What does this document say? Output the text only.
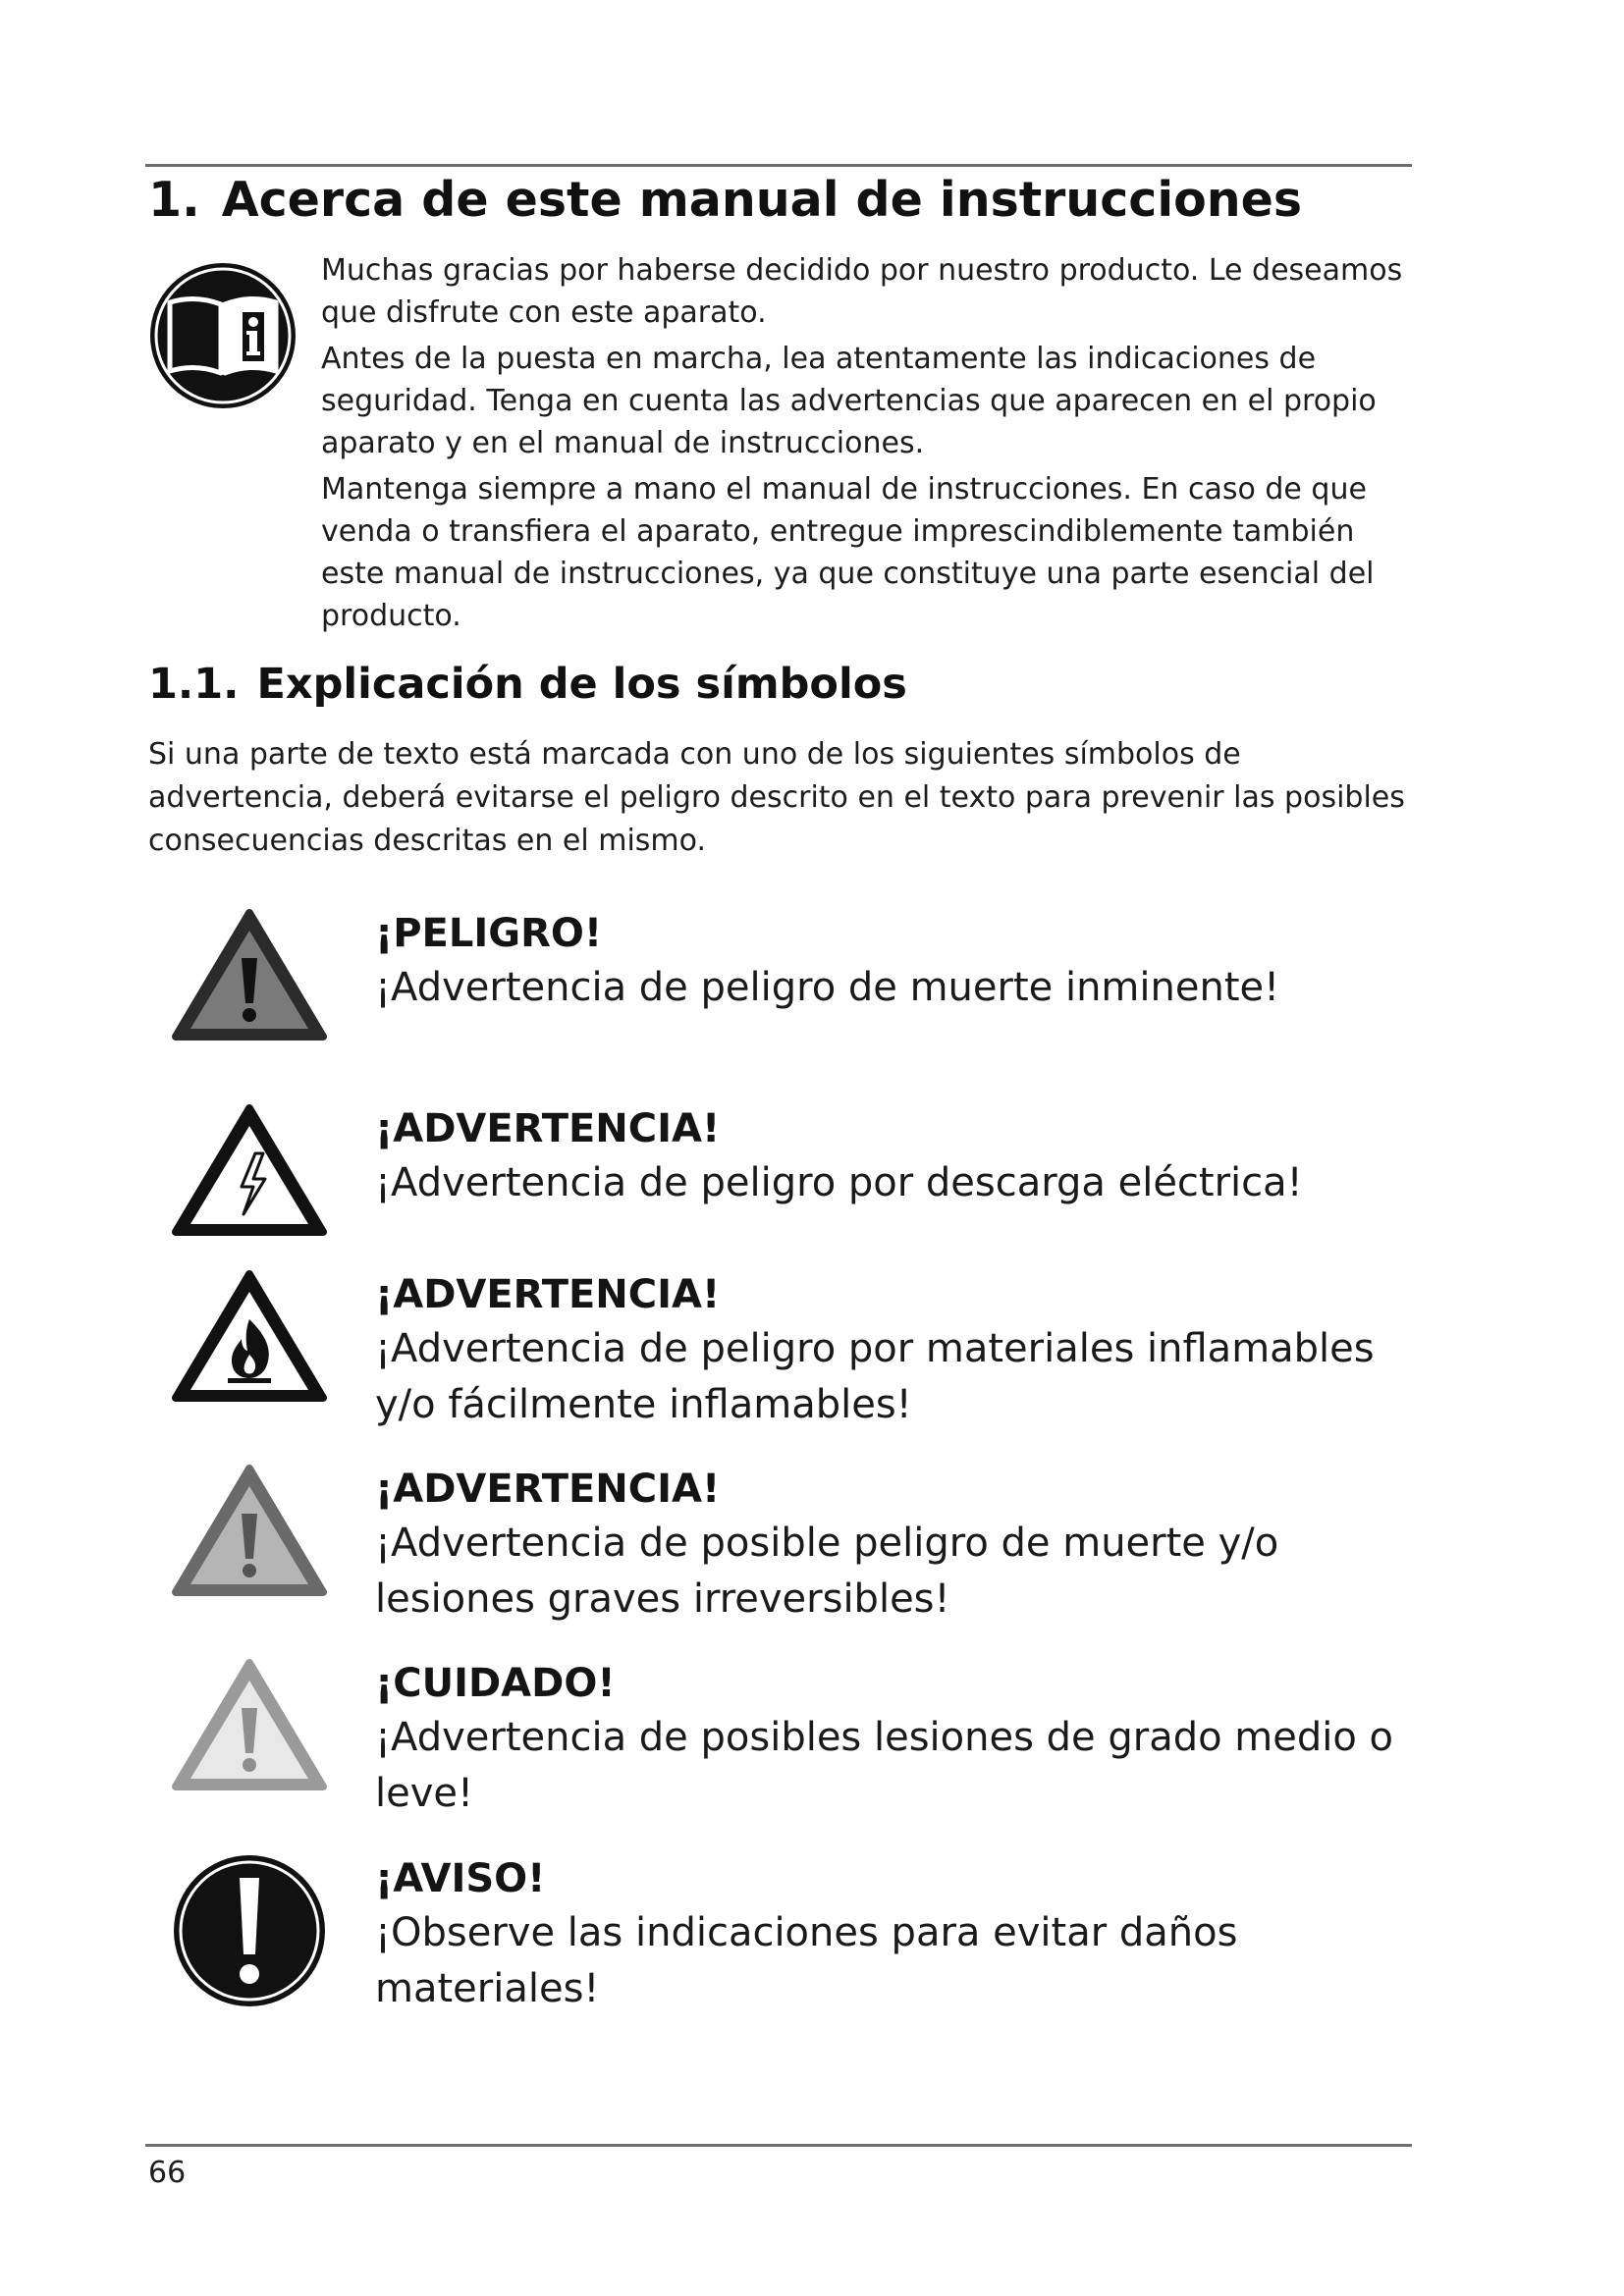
1. Acerca de este manual de instrucciones

Muchas gracias por haberse decidido por nuestro producto. Le deseamos que disfrute con este aparato.

Antes de la puesta en marcha, lea atentamente las indicaciones de seguridad. Tenga en cuenta las advertencias que aparecen en el propio aparato y en el manual de instrucciones.

Mantenga siempre a mano el manual de instrucciones. En caso de que venda o transfiera el aparato, entregue imprescindiblemente también este manual de instrucciones, ya que constituye una parte esencial del producto.

1.1. Explicación de los símbolos

Si una parte de texto está marcada con uno de los siguientes símbolos de advertencia, deberá evitarse el peligro descrito en el texto para prevenir las posibles consecuencias descritas en el mismo.

¡PELIGRO!

¡Advertencia de peligro de muerte inminente!

¡ADVERTENCIA!

¡Advertencia de peligro por descarga eléctrica!

¡ADVERTENCIA!

¡Advertencia de peligro por materiales inflamables y/o fácilmente inflamables!

¡ADVERTENCIA!

¡Advertencia de posible peligro de muerte y/o lesiones graves irreversibles!

¡CUIDADO!

¡Advertencia de posibles lesiones de grado medio o leve!

¡AVISO!

¡Observe las indicaciones para evitar daños materiales!

66
